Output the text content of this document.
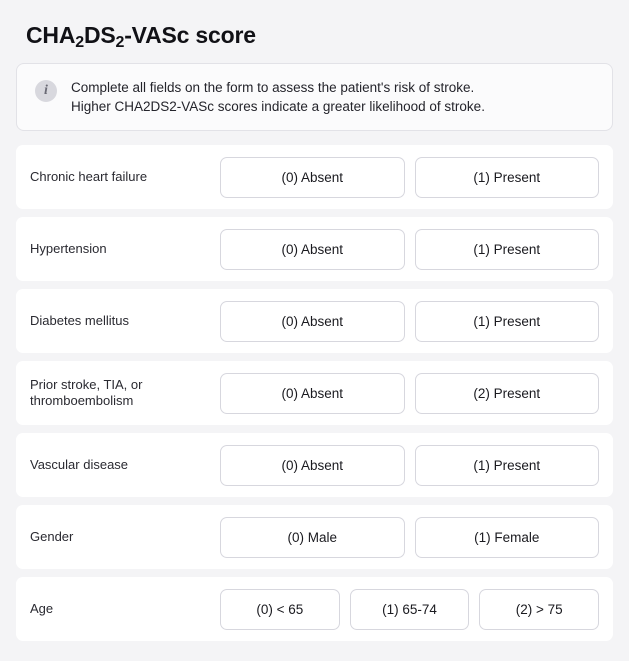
$CHA_2DS_2$-VASc score
i	Complete all fields on the form to assess the patient's risk of stroke.
Higher CHA2DS2-VASc scores indicate a greater likelihood of stroke.
Chronic heart failure	(0) Absent	(1) Present
Hypertension	(0) Absent	(1) Present
Diabetes mellitus	(0) Absent	(1) Present
Prior stroke, TIA, or thromboembolism	(0) Absent	(2) Present
Vascular disease	(0) Absent	(1) Present
Gender	(0) Male	(1) Female
Age	(0) < 65	(1) 65-74	(2) > 75
